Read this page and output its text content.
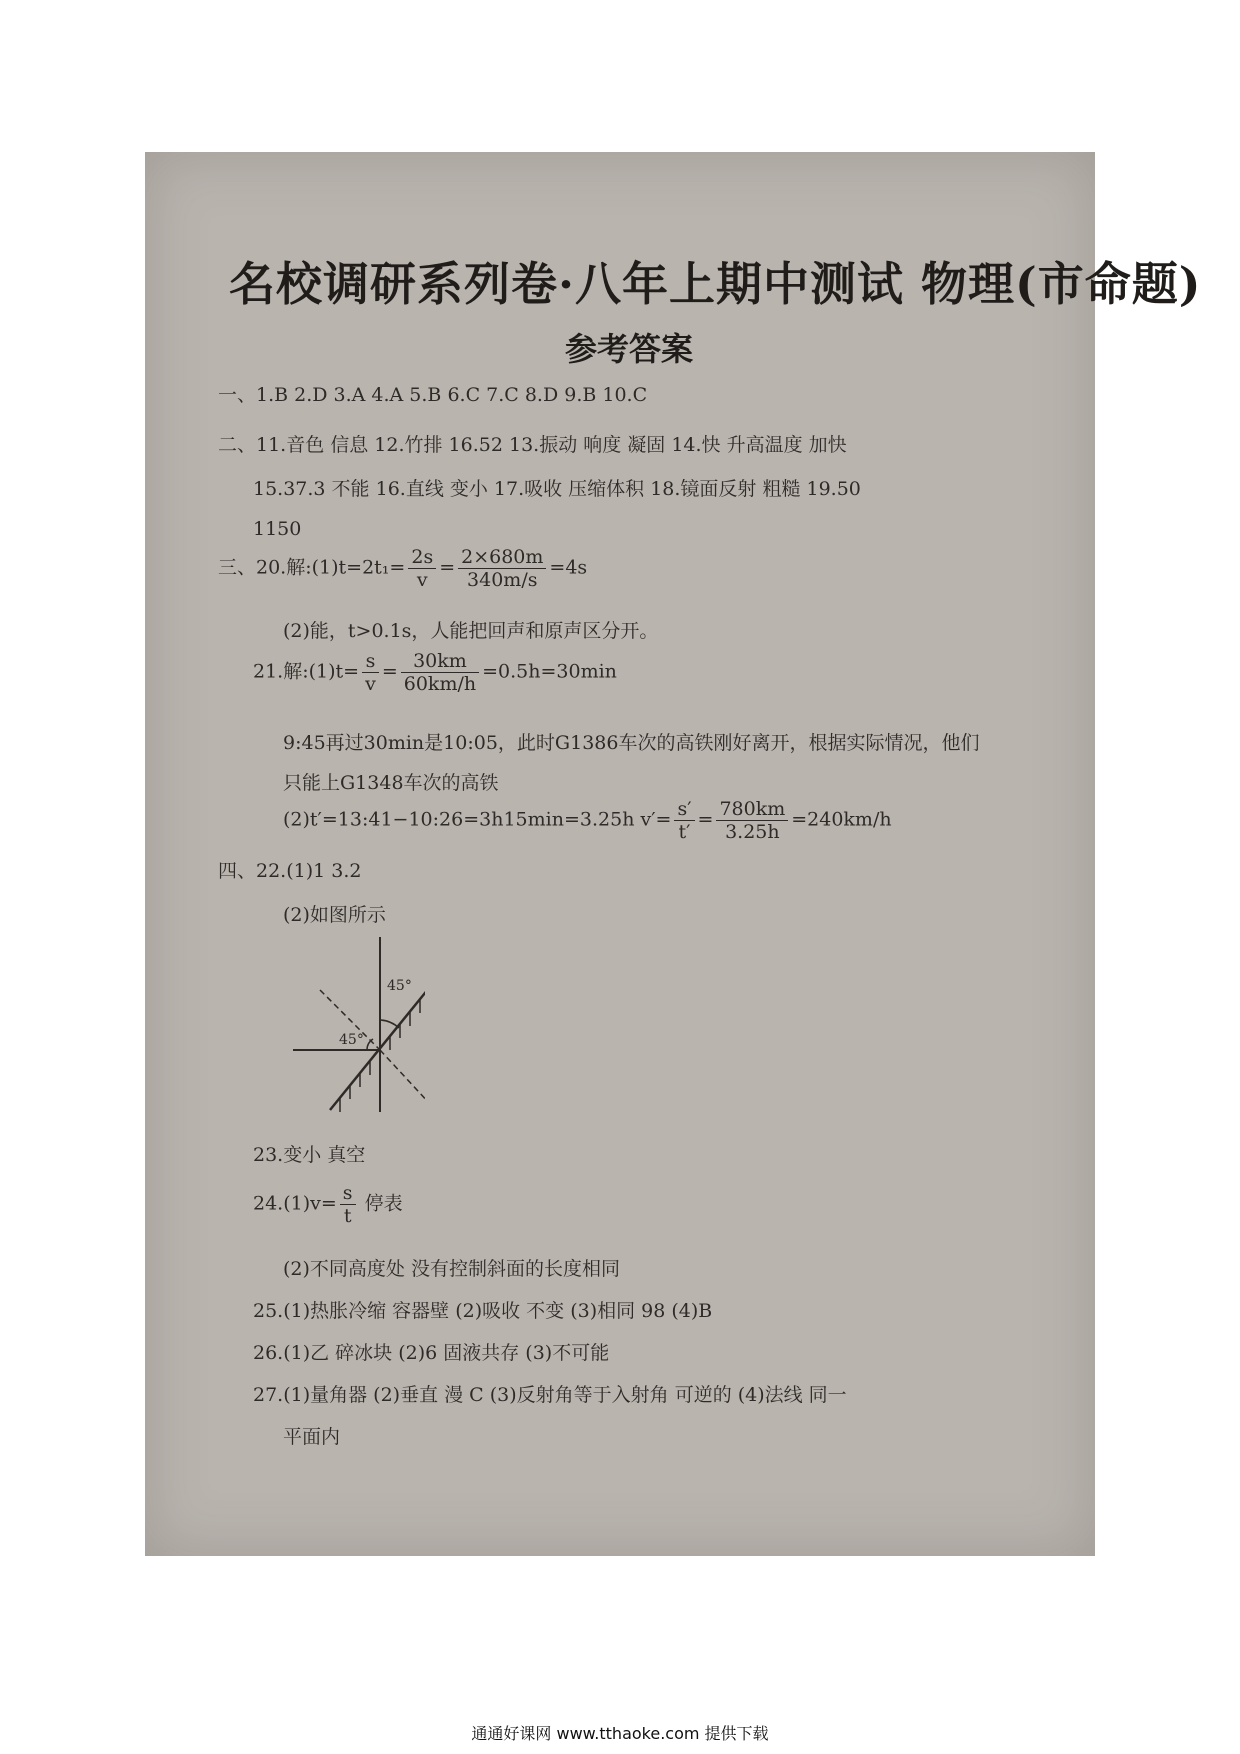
名校调研系列卷·八年上期中测试 物理(市命题)
参考答案
一、1.B 2.D 3.A 4.A 5.B 6.C 7.C 8.D 9.B 10.C
二、11.音色 信息 12.竹排 16.52 13.振动 响度 凝固 14.快 升高温度 加快
15.37.3 不能 16.直线 变小 17.吸收 压缩体积 18.镜面反射 粗糙 19.50
1150
三、20.解:(1)t=2t₁= $\frac{2s}{v} = \frac{2\times 680m}{340m/s} =4s$
(2)能，t>0.1s，人能把回声和原声区分开。
21.解:(1)t= $\frac{s}{v} = \frac{30km}{60km/h} =0.5h=30\min$
9:45再过30min是10:05，此时G1386车次的高铁刚好离开，根据实际情况，他们
只能上G1348车次的高铁
(2)t′=13:41−10:26=3h15min=3.25h $v'= \frac{s'}{t'} = \frac{780km}{3.25h} =240km/h$
四、22.(1)1 3.2
(2)如图所示
23.变小 真空
$24.(1)v= \frac{s}{t}$ 停表
(2)不同高度处 没有控制斜面的长度相同
25.(1)热胀冷缩 容器壁 (2)吸收 不变 (3)相同 98 (4)B
26.(1)乙 碎冰块 (2)6 固液共存 (3)不可能
27.(1)量角器 (2)垂直 漫 C (3)反射角等于入射角 可逆的 (4)法线 同一
平面内
45°
45°
通通好课网 www.tthaoke.com 提供下载
